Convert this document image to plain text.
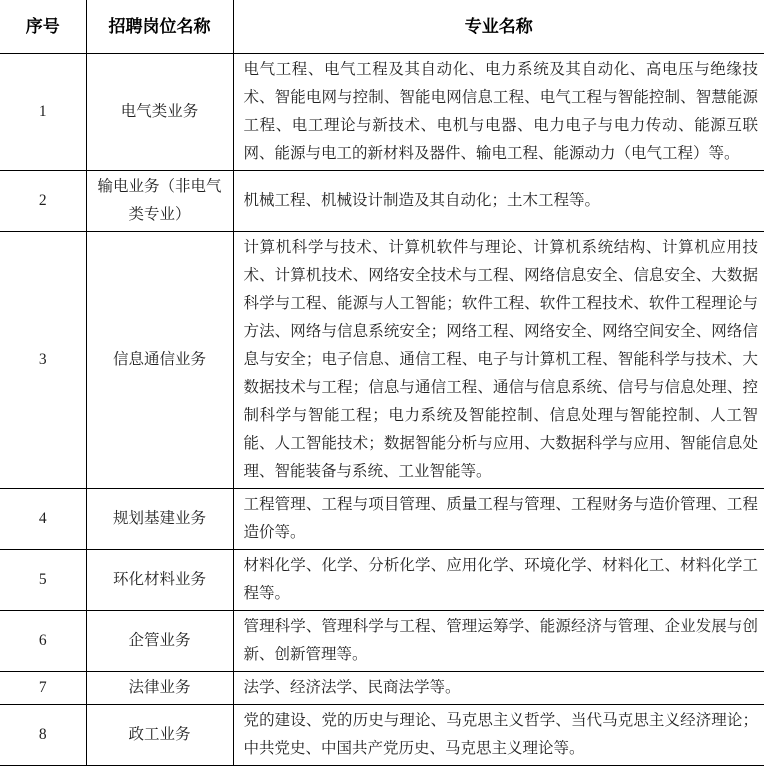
序号	招聘岗位名称	专业名称
1	电气类业务	电气工程、电气工程及其自动化、电力系统及其自动化、高电压与绝缘技术、智能电网与控制、智能电网信息工程、电气工程与智能控制、智慧能源工程、电工理论与新技术、电机与电器、电力电子与电力传动、能源互联网、能源与电工的新材料及器件、输电工程、能源动力（电气工程）等。
2	输电业务（非电气类专业）	机械工程、机械设计制造及其自动化；土木工程等。
3	信息通信业务	计算机科学与技术、计算机软件与理论、计算机系统结构、计算机应用技术、计算机技术、网络安全技术与工程、网络信息安全、信息安全、大数据科学与工程、能源与人工智能；软件工程、软件工程技术、软件工程理论与方法、网络与信息系统安全；网络工程、网络安全、网络空间安全、网络信息与安全；电子信息、通信工程、电子与计算机工程、智能科学与技术、大数据技术与工程；信息与通信工程、通信与信息系统、信号与信息处理、控制科学与智能工程；电力系统及智能控制、信息处理与智能控制、人工智能、人工智能技术；数据智能分析与应用、大数据科学与应用、智能信息处理、智能装备与系统、工业智能等。
4	规划基建业务	工程管理、工程与项目管理、质量工程与管理、工程财务与造价管理、工程造价等。
5	环化材料业务	材料化学、化学、分析化学、应用化学、环境化学、材料化工、材料化学工程等。
6	企管业务	管理科学、管理科学与工程、管理运筹学、能源经济与管理、企业发展与创新、创新管理等。
7	法律业务	法学、经济法学、民商法学等。
8	政工业务	党的建设、党的历史与理论、马克思主义哲学、当代马克思主义经济理论；中共党史、中国共产党历史、马克思主义理论等。
